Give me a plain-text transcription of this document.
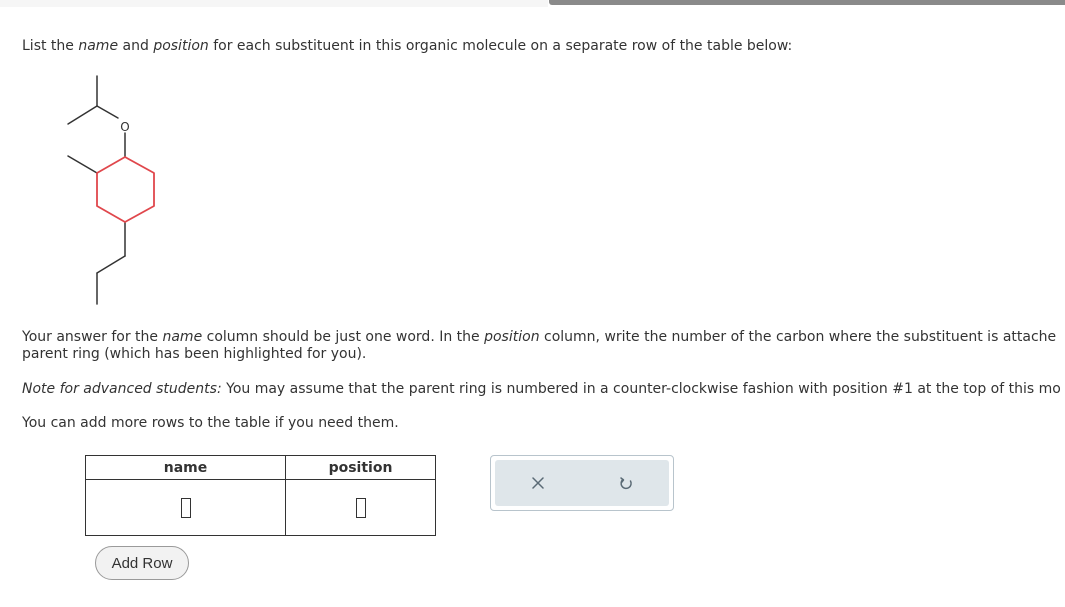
List the name and position for each substituent in this organic molecule on a separate row of the table below:
O
Your answer for the name column should be just one word. In the position column, write the number of the carbon where the substituent is attache
parent ring (which has been highlighted for you).
Note for advanced students: You may assume that the parent ring is numbered in a counter-clockwise fashion with position #1 at the top of this mo
You can add more rows to the table if you need them.
name	position

Add Row
